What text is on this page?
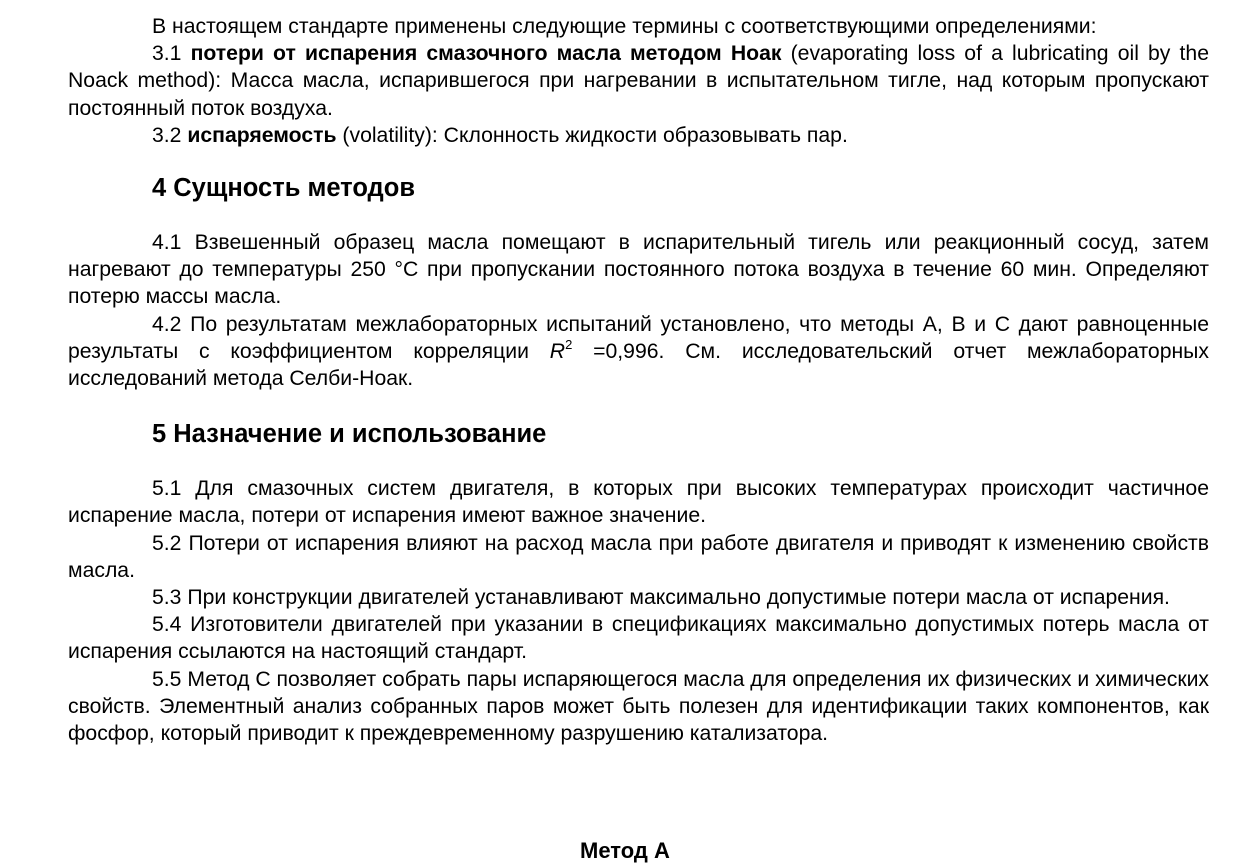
В настоящем стандарте применены следующие термины с соответствующими определениями:

3.1 потери от испарения смазочного масла методом Ноак (evaporating loss of a lubricating oil by the Noack method): Масса масла, испарившегося при нагревании в испытательном тигле, над которым пропускают постоянный поток воздуха.

3.2 испаряемость (volatility): Склонность жидкости образовывать пар.

4 Сущность методов

4.1 Взвешенный образец масла помещают в испарительный тигель или реакционный сосуд, затем нагревают до температуры 250 °С при пропускании постоянного потока воздуха в течение 60 мин. Определяют потерю массы масла.

4.2 По результатам межлабораторных испытаний установлено, что методы А, В и С дают равноценные результаты с коэффициентом корреляции $R^2 =0,996$. См. исследовательский отчет межлабораторных исследований метода Селби-Ноак.

5 Назначение и использование

5.1 Для смазочных систем двигателя, в которых при высоких температурах происходит частичное испарение масла, потери от испарения имеют важное значение.

5.2 Потери от испарения влияют на расход масла при работе двигателя и приводят к изменению свойств масла.

5.3 При конструкции двигателей устанавливают максимально допустимые потери масла от испарения.

5.4 Изготовители двигателей при указании в спецификациях максимально допустимых потерь масла от испарения ссылаются на настоящий стандарт.

5.5 Метод С позволяет собрать пары испаряющегося масла для определения их физических и химических свойств. Элементный анализ собранных паров может быть полезен для идентификации таких компонентов, как фосфор, который приводит к преждевременному разрушению катализатора.

Метод А
